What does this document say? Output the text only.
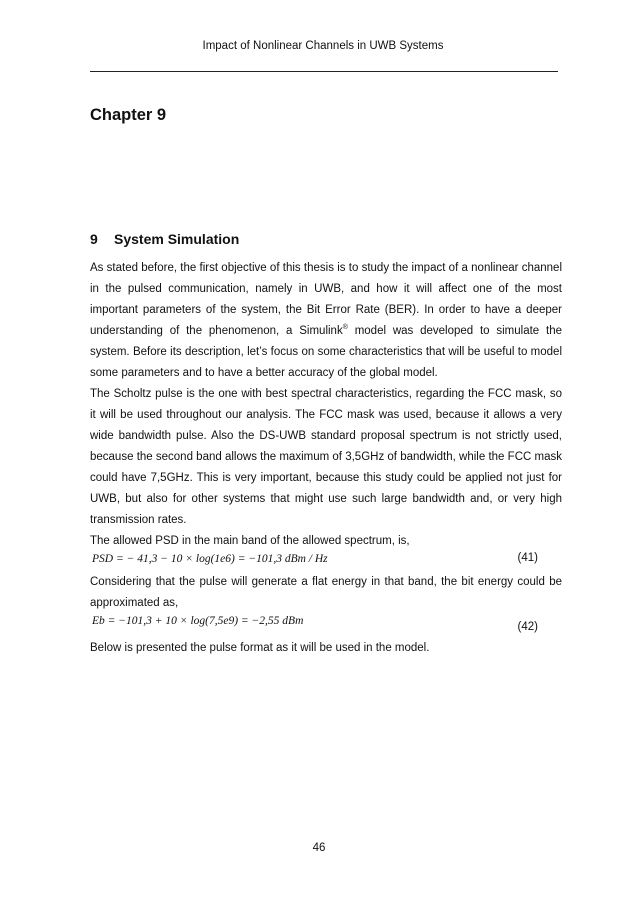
Impact of Nonlinear Channels in UWB Systems
Chapter 9
9 System Simulation

As stated before, the first objective of this thesis is to study the impact of a nonlinear channel in the pulsed communication, namely in UWB, and how it will affect one of the most important parameters of the system, the Bit Error Rate (BER). In order to have a deeper understanding of the phenomenon, a Simulink® model was developed to simulate the system. Before its description, let’s focus on some characteristics that will be useful to model some parameters and to have a better accuracy of the global model.

The Scholtz pulse is the one with best spectral characteristics, regarding the FCC mask, so it will be used throughout our analysis. The FCC mask was used, because it allows a very wide bandwidth pulse. Also the DS-UWB standard proposal spectrum is not strictly used, because the second band allows the maximum of 3,5GHz of bandwidth, while the FCC mask could have 7,5GHz. This is very important, because this study could be applied not just for UWB, but also for other systems that might use such large bandwidth and, or very high transmission rates.

The allowed PSD in the main band of the allowed spectrum, is,

PSD = − 41,3 − 10 × log(1e6) = −101,3 dBm / Hz	(41)

Considering that the pulse will generate a flat energy in that band, the bit energy could be approximated as,

Eb = −101,3 + 10 × log(7,5e9) = −2,55 dBm	(42)

Below is presented the pulse format as it will be used in the model.

46
